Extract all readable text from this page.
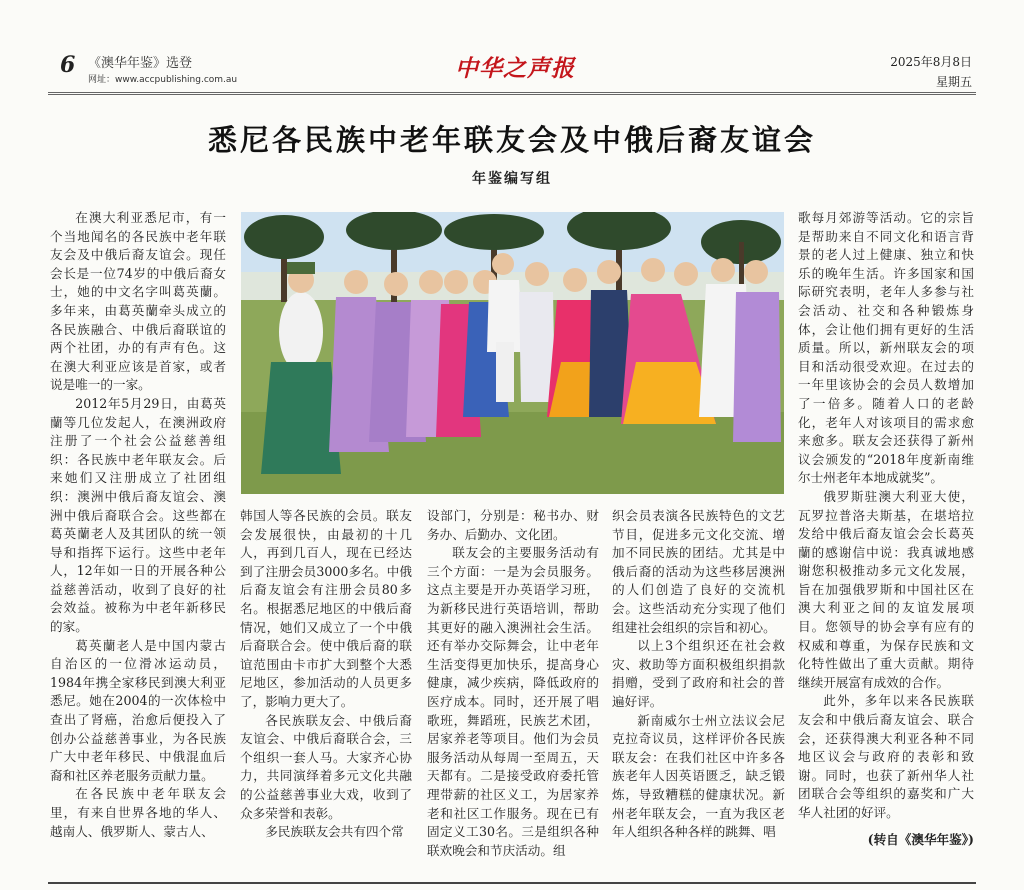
6 《澳华年鉴》选登
网址：www.accpublishing.com.au	中华之声报	2025年8月8日
星期五
悉尼各民族中老年联友会及中俄后裔友谊会
年鉴编写组

在澳大利亚悉尼市，有一个当地闻名的各民族中老年联友会及中俄后裔友谊会。现任会长是一位74岁的中俄后裔女士，她的中文名字叫葛英蘭。多年来，由葛英蘭牵头成立的各民族融合、中俄后裔联谊的两个社团，办的有声有色。这在澳大利亚应该是首家，或者说是唯一的一家。

2012年5月29日，由葛英蘭等几位发起人，在澳洲政府注册了一个社会公益慈善组织：各民族中老年联友会。后来她们又注册成立了社团组织：澳洲中俄后裔友谊会、澳洲中俄后裔联合会。这些都在葛英蘭老人及其团队的统一领导和指挥下运行。这些中老年人，12年如一日的开展各种公益慈善活动，收到了良好的社会效益。被称为中老年新移民的家。

葛英蘭老人是中国内蒙古自治区的一位滑冰运动员，1984年携全家移民到澳大利亚悉尼。她在2004的一次体检中查出了肾癌，治愈后便投入了创办公益慈善事业，为各民族广大中老年移民、中俄混血后裔和社区养老服务贡献力量。

在各民族中老年联友会里，有来自世界各地的华人、越南人、俄罗斯人、蒙古人、

韩国人等各民族的会员。联友会发展很快，由最初的十几人，再到几百人，现在已经达到了注册会员3000多名。中俄后裔友谊会有注册会员80多名。根据悉尼地区的中俄后裔情况，她们又成立了一个中俄后裔联合会。使中俄后裔的联谊范围由卡市扩大到整个大悉尼地区，参加活动的人员更多了，影响力更大了。

各民族联友会、中俄后裔友谊会、中俄后裔联合会，三个组织一套人马。大家齐心协力，共同演绎着多元文化共融的公益慈善事业大戏，收到了众多荣誉和表彰。

多民族联友会共有四个常

设部门，分别是：秘书办、财务办、后勤办、文化团。

联友会的主要服务活动有三个方面：一是为会员服务。这点主要是开办英语学习班，为新移民进行英语培训，帮助其更好的融入澳洲社会生活。还有举办交际舞会，让中老年生活变得更加快乐，提高身心健康，减少疾病，降低政府的医疗成本。同时，还开展了唱歌班，舞蹈班，民族艺术团，居家养老等项目。他们为会员服务活动从每周一至周五，天天都有。二是接受政府委托管理带薪的社区义工，为居家养老和社区工作服务。现在已有固定义工30名。三是组织各种联欢晚会和节庆活动。组

织会员表演各民族特色的文艺节目，促进多元文化交流、增加不同民族的团结。尤其是中俄后裔的活动为这些移居澳洲的人们创造了良好的交流机会。这些活动充分实现了他们组建社会组织的宗旨和初心。

以上3个组织还在社会救灾、救助等方面积极组织捐款捐赠，受到了政府和社会的普遍好评。

新南威尔士州立法议会尼克拉奇议员，这样评价各民族联友会：在我们社区中许多各族老年人因英语匮乏，缺乏锻炼，导致糟糕的健康状况。新州老年联友会，一直为我区老年人组织各种各样的跳舞、唱

歌每月郊游等活动。它的宗旨是帮助来自不同文化和语言背景的老人过上健康、独立和快乐的晚年生活。许多国家和国际研究表明，老年人多参与社会活动、社交和各种锻炼身体，会让他们拥有更好的生活质量。所以，新州联友会的项目和活动很受欢迎。在过去的一年里该协会的会员人数增加了一倍多。随着人口的老龄化，老年人对该项目的需求愈来愈多。联友会还获得了新州议会颁发的“2018年度新南维尔士州老年本地成就奖”。

俄罗斯驻澳大利亚大使，瓦罗拉普洛夫斯基，在堪培拉发给中俄后裔友谊会会长葛英蘭的感谢信中说：我真诚地感谢您积极推动多元文化发展，旨在加强俄罗斯和中国社区在澳大利亚之间的友谊发展项目。您领导的协会享有应有的权威和尊重，为保存民族和文化特性做出了重大贡献。期待继续开展富有成效的合作。

此外，多年以来各民族联友会和中俄后裔友谊会、联合会，还获得澳大利亚各种不同地区议会与政府的表彰和致谢。同时，也获了新州华人社团联合会等组织的嘉奖和广大华人社团的好评。

(转自《澳华年鉴》)
